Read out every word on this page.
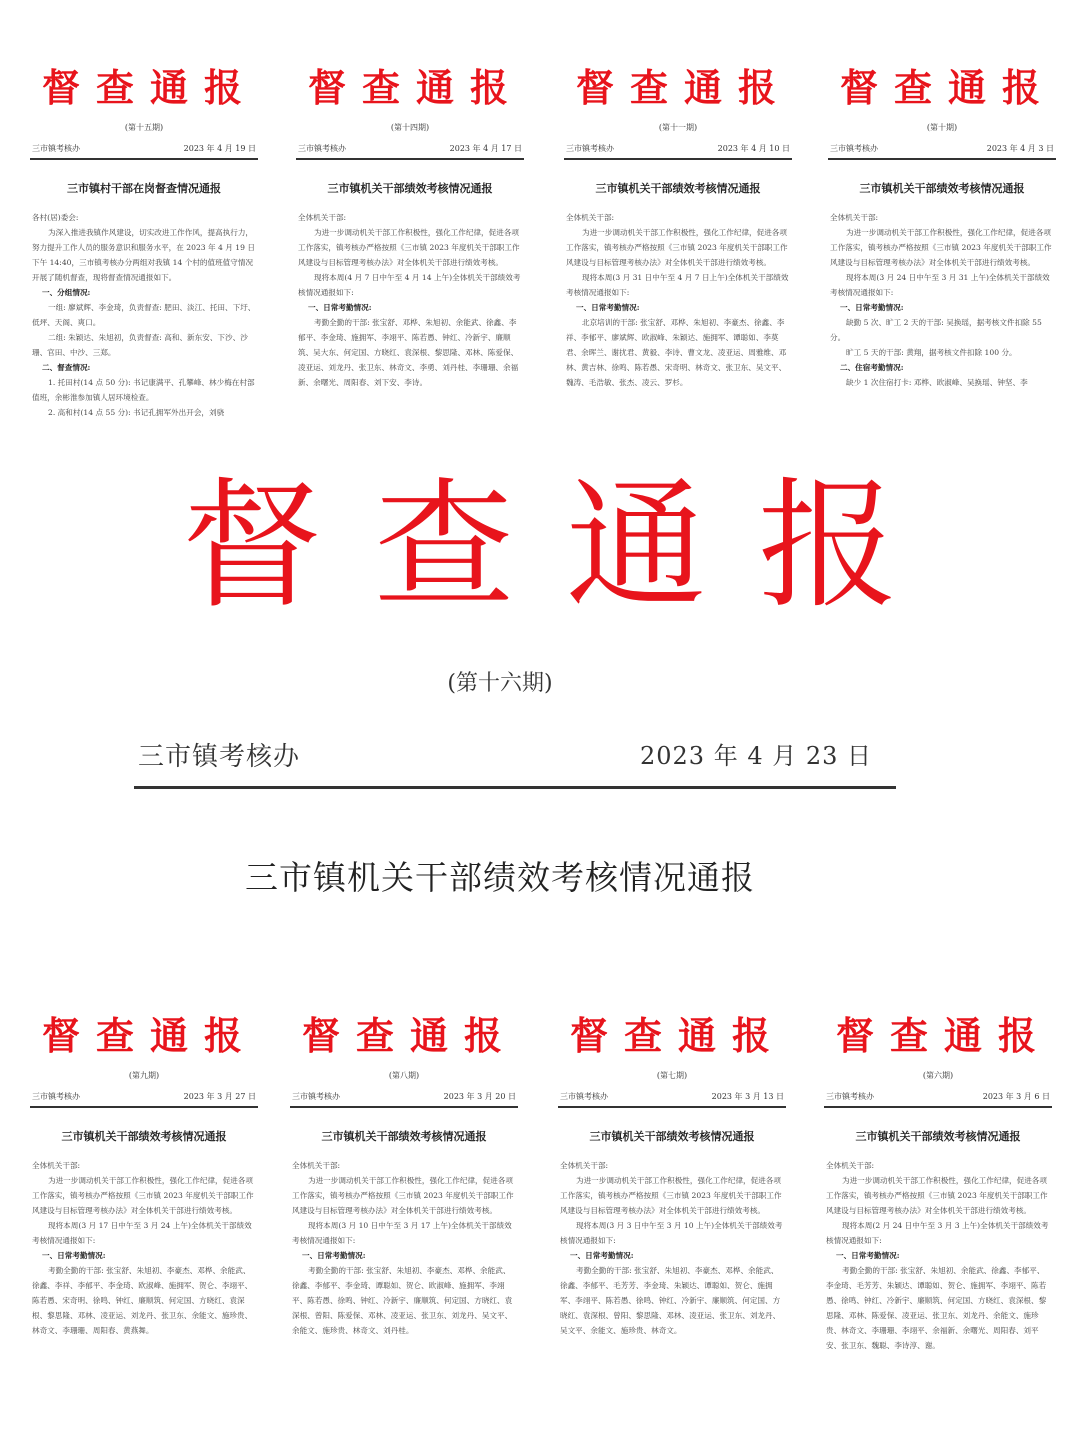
督查通报
(第十五期)
三市镇考核办	2023 年 4 月 19 日
三市镇村干部在岗督查情况通报

各村(居)委会:

为深入推进我镇作风建设，切实改进工作作风，提高执行力，努力提升工作人员的服务意识和服务水平，在 2023 年 4 月 19 日下午 14:40，三市镇考核办分两组对我镇 14 个村的值班值守情况开展了随机督查，现将督查情况通报如下。

一、分组情况:

一组: 廖斌辉、李金琦，负责督查: 肥田、淡江、托田、下圩、低坪、天阁、爽口。

二组: 朱颖达、朱旭初，负责督查: 高和、新东安、下沙、沙珊、官田、中沙、三郑。

二、督查情况:

1. 托田村(14 点 50 分): 书记康满平、孔攀峰、林少梅在村部值班，余彬淮参加镇人居环境检查。

2. 高和村(14 点 55 分): 书记孔拥军外出开会，刘骁

督查通报
(第十四期)
三市镇考核办	2023 年 4 月 17 日
三市镇机关干部绩效考核情况通报

全体机关干部:

为进一步调动机关干部工作积极性，强化工作纪律，促进各项工作落实，镇考核办严格按照《三市镇 2023 年度机关干部职工作风建设与目标管理考核办法》对全体机关干部进行绩效考核。

现将本周(4 月 7 日中午至 4 月 14 上午)全体机关干部绩效考核情况通报如下:

一、日常考勤情况:

考勤全勤的干部: 张宝舒、邓桦、朱旭初、余能武、徐鑫、李郁平、李金琦、施拥军、李翊平、陈若愚、钟红、冷新宇、廉顺筑、吴大东、何定国、方晓红、袁深根、黎思隆、邓林、陈爱保、凌亚运、刘龙丹、张卫东、林奇文、李勇、刘丹桂、李珊珊、余福新、余曙光、周阳春、刘下安、李诗。

督查通报
(第十一期)
三市镇考核办	2023 年 4 月 10 日
三市镇机关干部绩效考核情况通报

全体机关干部:

为进一步调动机关干部工作积极性，强化工作纪律，促进各项工作落实，镇考核办严格按照《三市镇 2023 年度机关干部职工作风建设与目标管理考核办法》对全体机关干部进行绩效考核。

现将本周(3 月 31 日中午至 4 月 7 日上午)全体机关干部绩效考核情况通报如下:

一、日常考勤情况:

北京培训的干部: 张宝舒、邓桦、朱旭初、李豪杰、徐鑫、李祥、李郁平、廖斌辉、欧淑峰、朱颖达、施拥军、谭聪如、李莫君、余晖兰、谢扰君、黄毅、李诗、曹文龙、凌亚运、周雅维、邓林、黄吉林、徐鸣、陈若愚、宋奇明、林奇文、张卫东、吴文平、魏涛、毛浩敏、张杰、凌云、罗杉。

督查通报
(第十期)
三市镇考核办	2023 年 4 月 3 日
三市镇机关干部绩效考核情况通报

全体机关干部:

为进一步调动机关干部工作积极性，强化工作纪律，促进各项工作落实，镇考核办严格按照《三市镇 2023 年度机关干部职工作风建设与目标管理考核办法》对全体机关干部进行绩效考核。

现将本周(3 月 24 日中午至 3 月 31 上午)全体机关干部绩效考核情况通报如下:

一、日常考勤情况:

缺勤 5 次、旷工 2 天的干部: 吴换瑶，据考核文件扣除 55 分。

旷工 5 天的干部: 黄翔，据考核文件扣除 100 分。

二、住宿考勤情况:

缺少 1 次住宿打卡: 邓桦、欧淑峰、吴换瑶、钟坚、李

督查通报
(第十六期)
三市镇考核办	2023 年 4 月 23 日
三市镇机关干部绩效考核情况通报
督查通报
(第九期)
三市镇考核办	2023 年 3 月 27 日
三市镇机关干部绩效考核情况通报

全体机关干部:

为进一步调动机关干部工作积极性，强化工作纪律，促进各项工作落实，镇考核办严格按照《三市镇 2023 年度机关干部职工作风建设与目标管理考核办法》对全体机关干部进行绩效考核。

现将本周(3 月 17 日中午至 3 月 24 上午)全体机关干部绩效考核情况通报如下:

一、日常考勤情况:

考勤全勤的干部: 张宝舒、朱旭初、李豪杰、邓桦、余能武、徐鑫、李祥、李郁平、李金琦、欧淑峰、施拥军、贺仑、李翊平、陈若愚、宋奇明、徐鸣、钟红、廉顺筑、何定国、方晓红、袁深根、黎思隆、邓林、凌亚运、刘龙丹、张卫东、余能文、施珍贵、林奇文、李珊珊、周阳春、黄燕舞。

督查通报
(第八期)
三市镇考核办	2023 年 3 月 20 日
三市镇机关干部绩效考核情况通报

全体机关干部:

为进一步调动机关干部工作积极性，强化工作纪律，促进各项工作落实，镇考核办严格按照《三市镇 2023 年度机关干部职工作风建设与目标管理考核办法》对全体机关干部进行绩效考核。

现将本周(3 月 10 日中午至 3 月 17 上午)全体机关干部绩效考核情况通报如下:

一、日常考勤情况:

考勤全勤的干部: 张宝舒、朱旭初、李豪杰、邓桦、余能武、徐鑫、李郁平、李金琦、谭聪如、贺仑、欧淑峰、施拥军、李翊平、陈若愚、徐鸣、钟红、冷新宇、廉顺筑、何定国、方晓红、袁深根、曾阳、陈爱保、邓林、凌亚运、张卫东、刘龙丹、吴文平、余能文、施珍贵、林奇文、刘丹桂。

督查通报
(第七期)
三市镇考核办	2023 年 3 月 13 日
三市镇机关干部绩效考核情况通报

全体机关干部:

为进一步调动机关干部工作积极性，强化工作纪律，促进各项工作落实，镇考核办严格按照《三市镇 2023 年度机关干部职工作风建设与目标管理考核办法》对全体机关干部进行绩效考核。

现将本周(3 月 3 日中午至 3 月 10 上午)全体机关干部绩效考核情况通报如下:

一、日常考勤情况:

考勤全勤的干部: 张宝舒、朱旭初、李豪杰、邓桦、余能武、徐鑫、李郁平、毛芳芳、李金琦、朱颖达、谭聪如、贺仑、施拥军、李翊平、陈若愚、徐鸣、钟红、冷新宇、廉顺筑、何定国、方晓红、袁深根、曾阳、黎思隆、邓林、凌亚运、张卫东、刘龙丹、吴文平、余能文、施珍贵、林奇文。

督查通报
(第六期)
三市镇考核办	2023 年 3 月 6 日
三市镇机关干部绩效考核情况通报

全体机关干部:

为进一步调动机关干部工作积极性，强化工作纪律，促进各项工作落实，镇考核办严格按照《三市镇 2023 年度机关干部职工作风建设与目标管理考核办法》对全体机关干部进行绩效考核。

现将本周(2 月 24 日中午至 3 月 3 上午)全体机关干部绩效考核情况通报如下:

一、日常考勤情况:

考勤全勤的干部: 张宝舒、朱旭初、余能武、徐鑫、李郁平、李金琦、毛芳芳、朱颖达、谭聪如、贺仑、施拥军、李翊平、陈若愚、徐鸣、钟红、冷新宇、廉顺筑、何定国、方晓红、袁深根、黎思隆、邓林、陈爱保、凌亚运、张卫东、刘龙丹、余能文、施珍贵、林奇文、李珊珊、李翊平、余福新、余曙光、周阳春、刘平安、张卫东、魏聪、李诗淳、谢。
